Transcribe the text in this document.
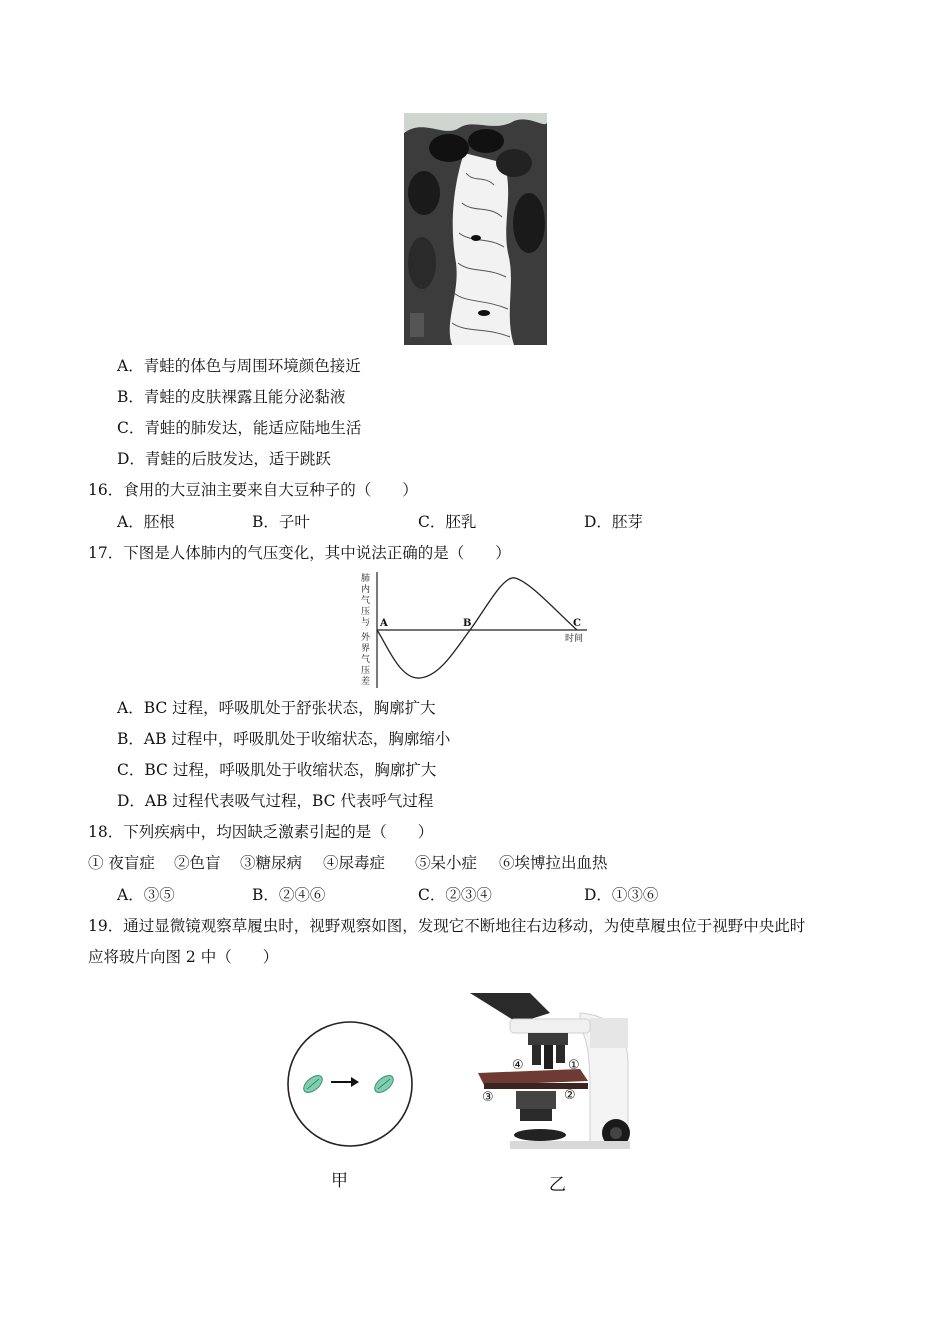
A．青蛙的体色与周围环境颜色接近
B．青蛙的皮肤裸露且能分泌黏液
C．青蛙的肺发达，能适应陆地生活
D．青蛙的后肢发达，适于跳跃
16．食用的大豆油主要来自大豆种子的（　　）
A．胚根	B．子叶	C．胚乳	D．胚芽
17．下图是人体肺内的气压变化，其中说法正确的是（　　）
A	B	C
时间
肺
内
气
压
与
外
界
气
压
差
A．BC 过程，呼吸肌处于舒张状态，胸廓扩大
B．AB 过程中，呼吸肌处于收缩状态，胸廓缩小
C．BC 过程，呼吸肌处于收缩状态，胸廓扩大
D．AB 过程代表吸气过程，BC 代表呼气过程
18．下列疾病中，均因缺乏激素引起的是（　　）
① 夜盲症 ②色盲 ③糖尿病 ④尿毒症 ⑤呆小症 ⑥埃博拉出血热
A．③⑤	B．②④⑥	C．②③④	D．①③⑥
19．通过显微镜观察草履虫时，视野观察如图，发现它不断地往右边移动，为使草履虫位于视野中央此时
应将玻片向图 2 中（　　）
甲
①
②
③
④
乙
